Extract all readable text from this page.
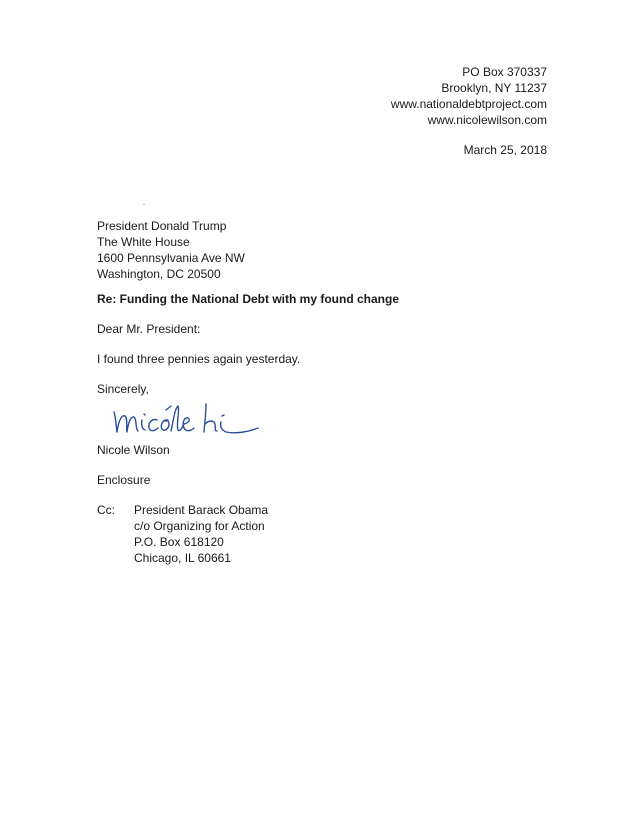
PO Box 370337
Brooklyn, NY 11237
www.nationaldebtproject.com
www.nicolewilson.com
March 25, 2018
President Donald Trump
The White House
1600 Pennsylvania Ave NW
Washington, DC 20500
Re: Funding the National Debt with my found change
Dear Mr. President:
I found three pennies again yesterday.
Sincerely,
Nicole Wilson
Enclosure
Cc: President Barack Obama
c/o Organizing for Action
P.O. Box 618120
Chicago, IL 60661
